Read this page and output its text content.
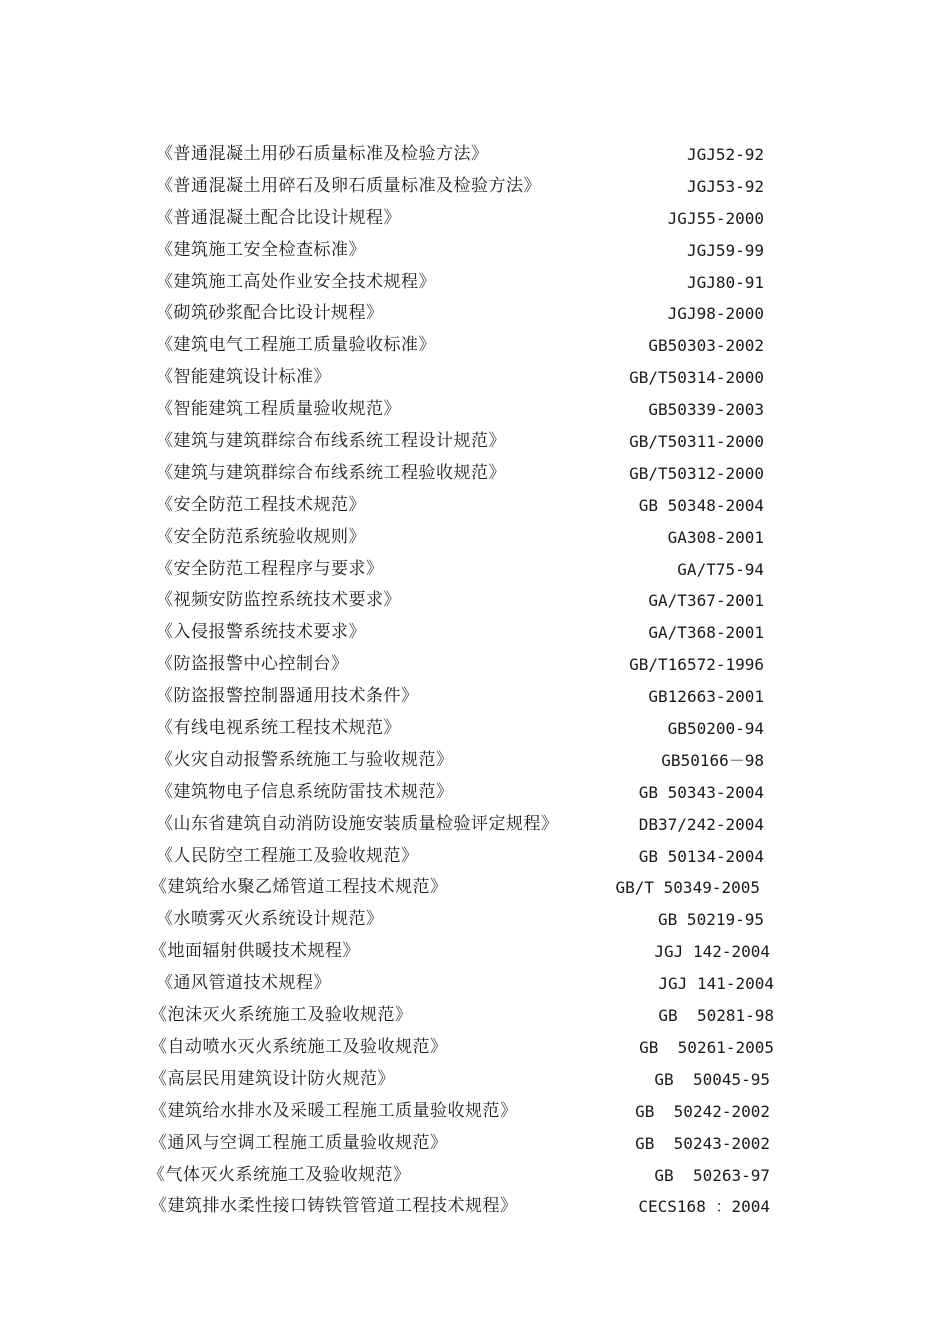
《普通混凝土用砂石质量标准及检验方法》	JGJ52-92
《普通混凝土用碎石及卵石质量标准及检验方法》	JGJ53-92
《普通混凝土配合比设计规程》	JGJ55-2000
《建筑施工安全检查标准》	JGJ59-99
《建筑施工高处作业安全技术规程》	JGJ80-91
《砌筑砂浆配合比设计规程》	JGJ98-2000
《建筑电气工程施工质量验收标准》	GB50303-2002
《智能建筑设计标准》	GB/T50314-2000
《智能建筑工程质量验收规范》	GB50339-2003
《建筑与建筑群综合布线系统工程设计规范》	GB/T50311-2000
《建筑与建筑群综合布线系统工程验收规范》	GB/T50312-2000
《安全防范工程技术规范》	GB 50348-2004
《安全防范系统验收规则》	GA308-2001
《安全防范工程程序与要求》	GA/T75-94
《视频安防监控系统技术要求》	GA/T367-2001
《入侵报警系统技术要求》	GA/T368-2001
《防盗报警中心控制台》	GB/T16572-1996
《防盗报警控制器通用技术条件》	GB12663-2001
《有线电视系统工程技术规范》	GB50200-94
《火灾自动报警系统施工与验收规范》	GB50166－98
《建筑物电子信息系统防雷技术规范》	GB 50343-2004
《山东省建筑自动消防设施安装质量检验评定规程》	DB37/242-2004
《人民防空工程施工及验收规范》	GB 50134-2004
《建筑给水聚乙烯管道工程技术规范》	GB/T 50349-2005
《水喷雾灭火系统设计规范》	GB 50219-95
《地面辐射供暖技术规程》	JGJ 142-2004
《通风管道技术规程》	JGJ 141-2004
《泡沫灭火系统施工及验收规范》	GB  50281-98
《自动喷水灭火系统施工及验收规范》	GB  50261-2005
《高层民用建筑设计防火规范》	GB  50045-95
《建筑给水排水及采暖工程施工质量验收规范》	GB  50242-2002
《通风与空调工程施工质量验收规范》	GB  50243-2002
《气体灭火系统施工及验收规范》	GB  50263-97
《建筑排水柔性接口铸铁管管道工程技术规程》	CECS168 ：2004
